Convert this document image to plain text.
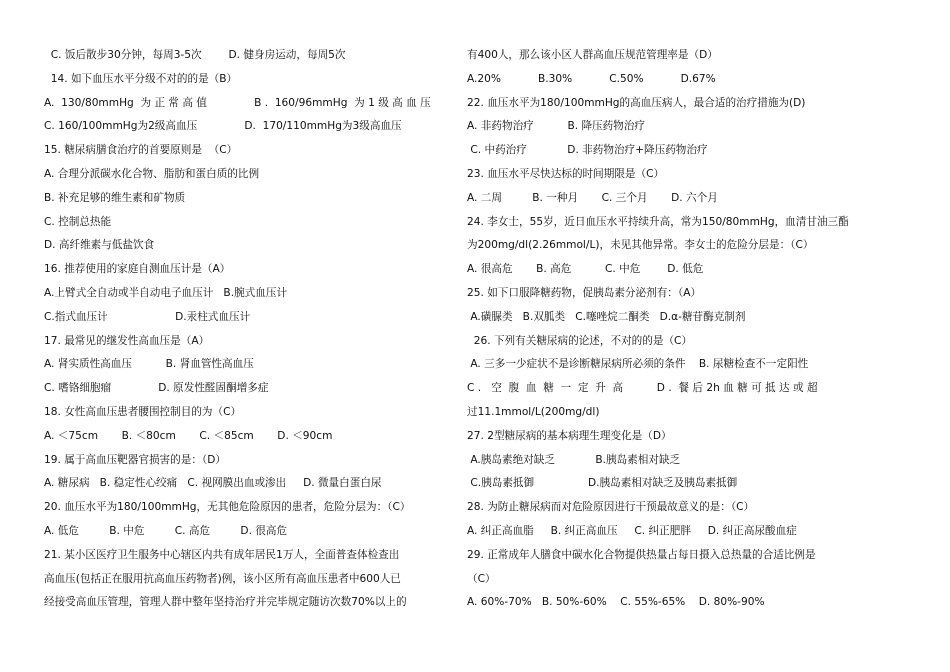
C. 饭后散步30分钟，每周3-5次        D. 健身房运动，每周5次
14. 如下血压水平分级不对的的是（B）
A.  130/80mmHg  为 正 常 高 值              B .  160/96mmHg  为 1 级 高 血 压
C. 160/100mmHg为2级高血压              D.  170/110mmHg为3级高血压
15. 糖尿病膳食治疗的首要原则是  （C）
A. 合理分派碳水化合物、脂肪和蛋白质的比例
B. 补充足够的维生素和矿物质
C. 控制总热能
D. 高纤维素与低盐饮食
16. 推荐使用的家庭自测血压计是（A）
A.上臂式全自动或半自动电子血压计   B.腕式血压计
C.指式血压计                    D.汞柱式血压计
17. 最常见的继发性高血压是（A）
A. 肾实质性高血压          B. 肾血管性高血压
C. 嗜铬细胞瘤              D. 原发性醛固酮增多症
18. 女性高血压患者腰围控制目的为（C）
A. ＜75cm       B. ＜80cm       C. ＜85cm       D. ＜90cm
19. 属于高血压靶器官损害的是：（D）
A. 糖尿病   B. 稳定性心绞痛   C. 视网膜出血或渗出     D. 微量白蛋白尿
20. 血压水平为180/100mmHg，无其他危险原因的患者，危险分层为：（C）
A. 低危         B. 中危         C. 高危         D. 很高危
21. 某小区医疗卫生服务中心辖区内共有成年居民1万人，全面普查体检查出
高血压(包括正在服用抗高血压药物者)例，该小区所有高血压患者中600人已
经接受高血压管理，管理人群中整年坚持治疗并完毕规定随访次数70%以上的
有400人，那么该小区人群高血压规范管理率是（D）
A.20%           B.30%           C.50%           D.67%
22. 血压水平为180/100mmHg的高血压病人，最合适的治疗措施为(D)
A. 非药物治疗          B. 降压药物治疗
C. 中药治疗            D. 非药物治疗+降压药物治疗
23. 血压水平尽快达标的时间期限是（C）
A. 二周         B. 一种月       C. 三个月       D. 六个月
24. 李女士，55岁，近日血压水平持续升高，常为150/80mmHg，血清甘油三酯
为200mg/dl(2.26mmol/L)，未见其他异常。李女士的危险分层是：（C）
A. 很高危       B. 高危          C. 中危        D. 低危
25. 如下口服降糖药物，促胰岛素分泌剂有：（A）
A.磺脲类   B.双胍类   C.噻唑烷二酮类   D.α-糖苷酶克制剂
26. 下列有关糖尿病的论述，不对的的是（C）
A. 三多一少症状不是诊断糖尿病所必须的条件    B. 尿糖检查不一定阳性
C .   空  腹  血  糖  一  定  升  高          D .  餐 后 2h 血 糖 可 抵 达 或 超
过11.1mmol/L(200mg/dl)
27. 2型糖尿病的基本病理生理变化是（D）
A.胰岛素绝对缺乏            B.胰岛素相对缺乏
C.胰岛素抵御                D.胰岛素相对缺乏及胰岛素抵御
28. 为防止糖尿病而对危险原因进行干预最故意义的是：（C）
A. 纠正高血脂     B. 纠正高血压     C. 纠正肥胖     D. 纠正高尿酸血症
29. 正常成年人膳食中碳水化合物提供热量占每日摄入总热量的合适比例是
（C）
A. 60%-70%   B. 50%-60%    C. 55%-65%    D. 80%-90%
